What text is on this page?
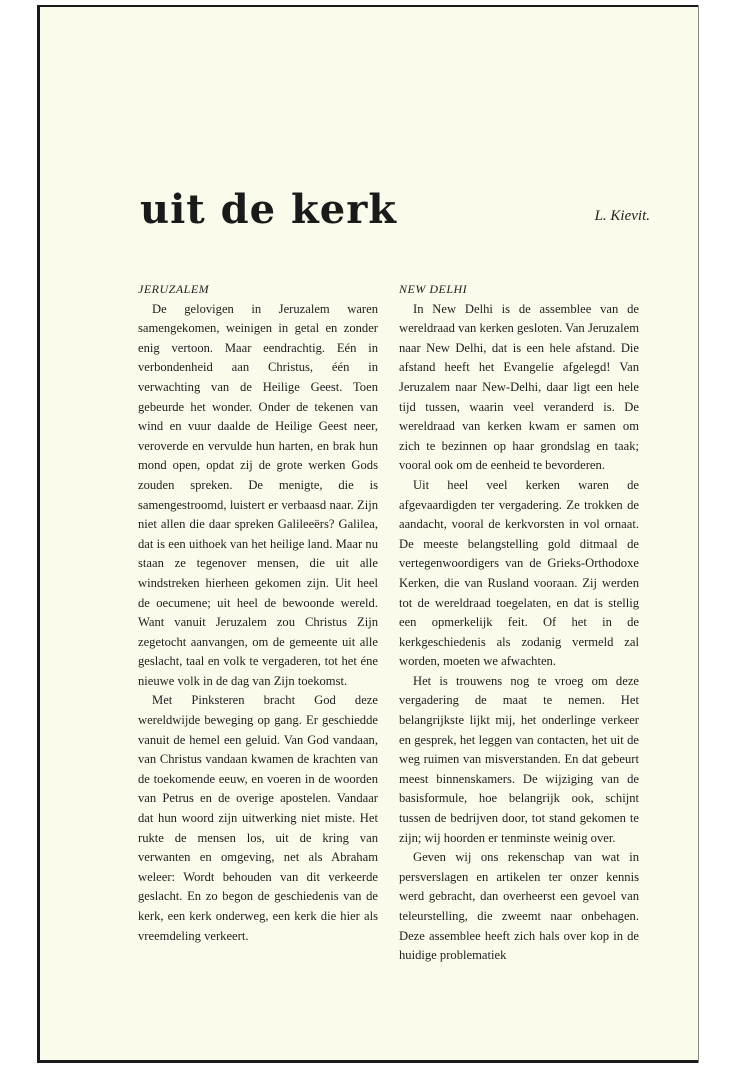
uit de kerk	L. Kievit.
JERUZALEM

De gelovigen in Jeruzalem waren samengekomen, weinigen in getal en zonder enig vertoon. Maar eendrachtig. Eén in verbondenheid aan Christus, één in verwachting van de Heilige Geest. Toen gebeurde het wonder. Onder de tekenen van wind en vuur daalde de Heilige Geest neer, veroverde en vervulde hun harten, en brak hun mond open, opdat zij de grote werken Gods zouden spreken. De menigte, die is samengestroomd, luistert er verbaasd naar. Zijn niet allen die daar spreken Galileeërs? Galilea, dat is een uithoek van het heilige land. Maar nu staan ze tegenover mensen, die uit alle windstreken hierheen gekomen zijn. Uit heel de oecumene; uit heel de bewoonde wereld. Want vanuit Jeruzalem zou Christus Zijn zegetocht aanvangen, om de gemeente uit alle geslacht, taal en volk te vergaderen, tot het éne nieuwe volk in de dag van Zijn toekomst.

Met Pinksteren bracht God deze wereldwijde beweging op gang. Er geschiedde vanuit de hemel een geluid. Van God vandaan, van Christus vandaan kwamen de krachten van de toekomende eeuw, en voeren in de woorden van Petrus en de overige apostelen. Vandaar dat hun woord zijn uitwerking niet miste. Het rukte de mensen los, uit de kring van verwanten en omgeving, net als Abraham weleer: Wordt behouden van dit verkeerde geslacht. En zo begon de geschiedenis van de kerk, een kerk onderweg, een kerk die hier als vreemdeling verkeert.

NEW DELHI

In New Delhi is de assemblee van de wereldraad van kerken gesloten. Van Jeruzalem naar New Delhi, dat is een hele afstand. Die afstand heeft het Evangelie afgelegd! Van Jeruzalem naar New-Delhi, daar ligt een hele tijd tussen, waarin veel veranderd is. De wereldraad van kerken kwam er samen om zich te bezinnen op haar grondslag en taak; vooral ook om de eenheid te bevorderen.

Uit heel veel kerken waren de afgevaardigden ter vergadering. Ze trokken de aandacht, vooral de kerkvorsten in vol ornaat. De meeste belangstelling gold ditmaal de vertegenwoordigers van de Grieks-Orthodoxe Kerken, die van Rusland vooraan. Zij werden tot de wereldraad toegelaten, en dat is stellig een opmerkelijk feit. Of het in de kerkgeschiedenis als zodanig vermeld zal worden, moeten we afwachten.

Het is trouwens nog te vroeg om deze vergadering de maat te nemen. Het belangrijkste lijkt mij, het onderlinge verkeer en gesprek, het leggen van contacten, het uit de weg ruimen van misverstanden. En dat gebeurt meest binnenskamers. De wijziging van de basisformule, hoe belangrijk ook, schijnt tussen de bedrijven door, tot stand gekomen te zijn; wij hoorden er tenminste weinig over.

Geven wij ons rekenschap van wat in persverslagen en artikelen ter onzer kennis werd gebracht, dan overheerst een gevoel van teleurstelling, die zweemt naar onbehagen. Deze assemblee heeft zich hals over kop in de huidige problematiek
